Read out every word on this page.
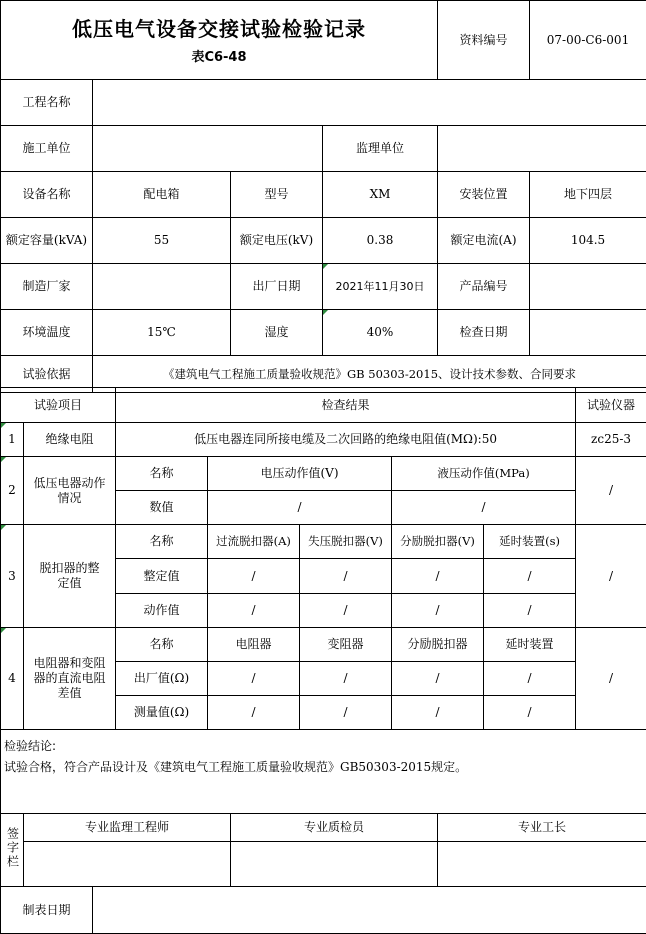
低压电气设备交接试验检验记录
表C6-48				资料编号	07-00-C6-001
工程名称					
施工单位			监理单位		
设备名称	配电箱	型号	XM	安装位置	地下四层
额定容量(kVA)	55	额定电压(kV)	0.38	额定电流(A)	104.5
制造厂家		出厂日期	2021年11月30日	产品编号	
环境温度	15℃	湿度	40%	检查日期	
试验依据	《建筑电气工程施工质量验收规范》GB 50303-2015、设计技术参数、合同要求				
试验项目		检查结果					试验仪器
1	绝缘电阻	低压电器连同所接电缆及二次回路的绝缘电阻值(MΩ):50					zc25-3
2	低压电器动作情况	名称	电压动作值(V)		液压动作值(MPa)		/
		数值	/		/		
3	脱扣器的整定值	名称	过流脱扣器(A)	失压脱扣器(V)	分励脱扣器(V)	延时装置(s)	/
		整定值	/	/	/	/	
		动作值	/	/	/	/	
4	电阻器和变阻器的直流电阻差值	名称	电阻器	变阻器	分励脱扣器	延时装置	/
		出厂值(Ω)	/	/	/	/	
		测量值(Ω)	/	/	/	/	
检验结论:
试验合格，符合产品设计及《建筑电气工程施工质量验收规范》GB50303-2015规定。				

签字栏	专业监理工程师		专业质检员	专业工长

制表日期				
